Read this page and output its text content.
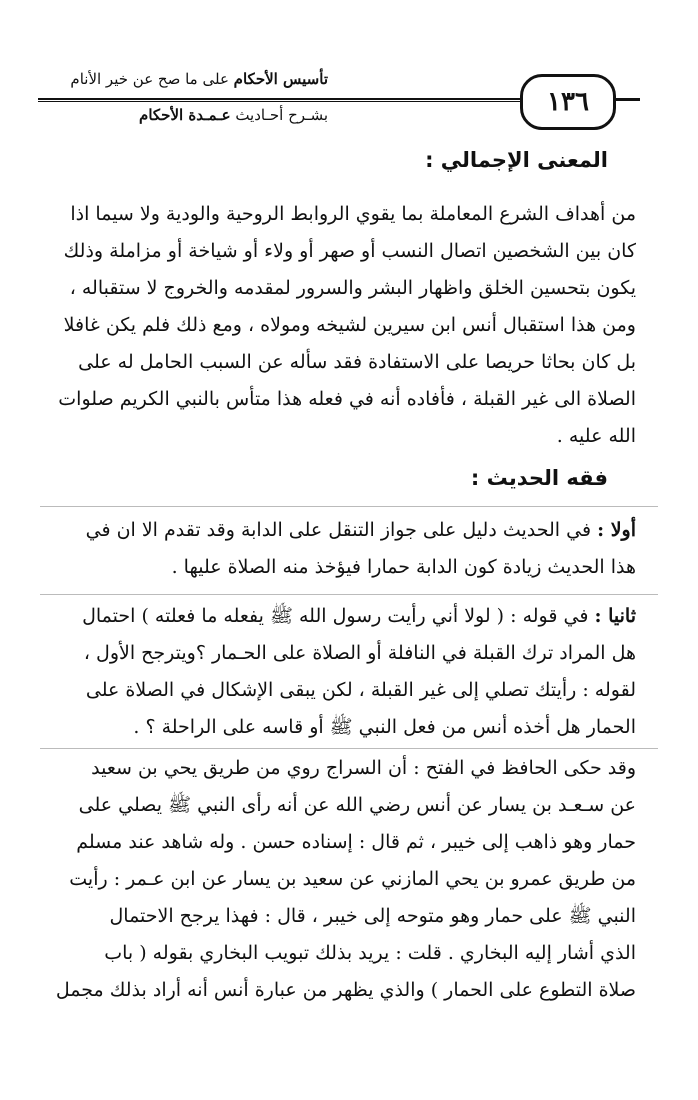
تأسيس الأحكام على ما صح عن خير الأنام
بشـرح أحـاديث عـمـدة الأحكام	١٣٦
المعنى الإجمالي :
من أهداف الشرع المعاملة بما يقوي الروابط الروحية والودية ولا سيما اذا
كان بين الشخصين اتصال النسب أو صهر أو ولاء أو شياخة أو مزاملة وذلك
يكون بتحسين الخلق واظهار البشر والسرور لمقدمه والخروج لا ستقباله ،
ومن هذا استقبال أنس ابن سيرين لشيخه ومولاه ، ومع ذلك فلم يكن غافلا
بل كان بحاثا حريصا على الاستفادة فقد سأله عن السبب الحامل له على
الصلاة الى غير القبلة ، فأفاده أنه في فعله هذا متأس بالنبي الكريم صلوات
الله عليه .
فقه الحديث :
أولا : في الحديث دليل على جواز التنقل على الدابة وقد تقدم الا ان في
هذا الحديث زيادة كون الدابة حمارا فيؤخذ منه الصلاة عليها .
ثانيا : في قوله : ( لولا أني رأيت رسول الله ﷺ يفعله ما فعلته ) احتمال
هل المراد ترك القبلة في النافلة أو الصلاة على الحـمار ؟ويترجح الأول ،
لقوله : رأيتك تصلي إلى غير القبلة ، لكن يبقى الإشكال في الصلاة على
الحمار هل أخذه أنس من فعل النبي ﷺ أو قاسه على الراحلة ؟ .
وقد حكى الحافظ في الفتح : أن السراج روي من طريق يحي بن سعيد
عن سـعـد بن يسار عن أنس رضي الله عن أنه رأى النبي ﷺ يصلي على
حمار وهو ذاهب إلى خيبر ، ثم قال : إسناده حسن . وله شاهد عند مسلم
من طريق عمرو بن يحي المازني عن سعيد بن يسار عن ابن عـمر : رأيت
النبي ﷺ على حمار وهو متوحه إلى خيبر ، قال : فهذا يرجح الاحتمال
الذي أشار إليه البخاري . قلت : يريد بذلك تبويب البخاري بقوله ( باب
صلاة التطوع على الحمار ) والذي يظهر من عبارة أنس أنه أراد بذلك مجمل
